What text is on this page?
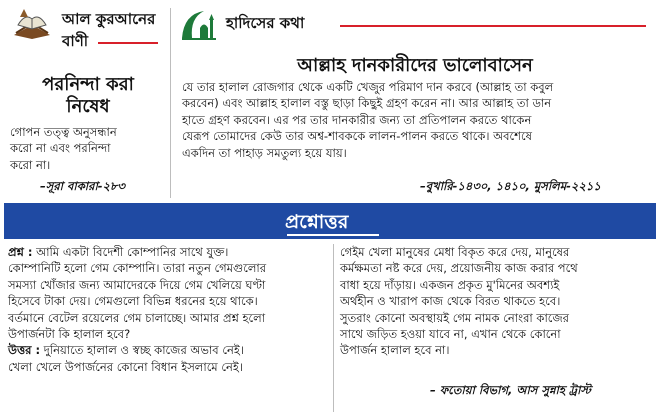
আল কুরআনের
বাণী
পরনিন্দা করা
নিষেধ
গোপন তত্ত্ব অনুসন্ধান
করো না এবং পরনিন্দা
করো না।
–সূরা বাকারা-২৮৩
হাদিসের কথা
আল্লাহ দানকারীদের ভালোবাসেন
যে তার হালাল রোজগার থেকে একটি খেজুর পরিমাণ দান করবে (আল্লাহ তা কবুল
করবেন) এবং আল্লাহ হালাল বস্তু ছাড়া কিছুই গ্রহণ করেন না। আর আল্লাহ তা ডান
হাতে গ্রহণ করবেন। এর পর তার দানকারীর জন্য তা প্রতিপালন করতে থাকেন
যেরূপ তোমাদের কেউ তার অশ্ব-শাবককে লালন-পালন করতে থাকে। অবশেষে
একদিন তা পাহাড় সমতুল্য হয়ে যায়।
–বুখারি-১৪৩০, ১৪১০, মুসলিম-২২১১
প্রশ্নোত্তর
প্রশ্ন : আমি একটা বিদেশী কোম্পানির সাথে যুক্ত।
কোম্পানিটি হলো গেম কোম্পানি। তারা নতুন গেমগুলোর
সমস্যা খোঁজার জন্য আমাদেরকে দিয়ে গেম খেলিয়ে ঘণ্টা
হিসেবে টাকা দেয়। গেমগুলো বিভিন্ন ধরনের হয়ে থাকে।
বর্তমানে বেটেল রয়েলের গেম চালাচ্ছে। আমার প্রশ্ন হলো
উপার্জনটা কি হালাল হবে?
উত্তর : দুনিয়াতে হালাল ও স্বচ্ছ কাজের অভাব নেই।
খেলা খেলে উপার্জনের কোনো বিধান ইসলামে নেই।
গেইম খেলা মানুষের মেধা বিকৃত করে দেয়, মানুষের
কর্মক্ষমতা নষ্ট করে দেয়, প্রয়োজনীয় কাজ করার পথে
বাধা হয়ে দাঁড়ায়। একজন প্রকৃত মু'মিনের অবশ্যই
অর্থহীন ও খারাপ কাজ থেকে বিরত থাকতে হবে।
সুতরাং কোনো অবস্থায়ই গেম নামক নোংরা কাজের
সাথে জড়িত হওয়া যাবে না, এখান থেকে কোনো
উপার্জন হালাল হবে না।
– ফতোয়া বিভাগ, আস সুন্নাহ ট্রাস্ট
